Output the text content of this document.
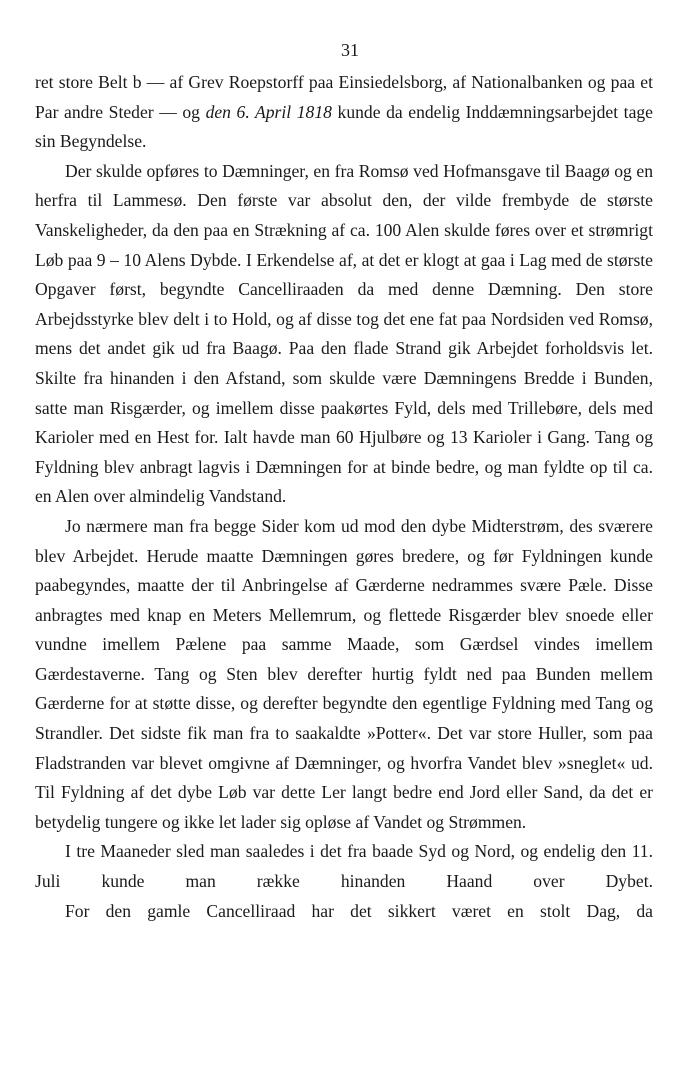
31

ret store Belt b — af Grev Roepstorff paa Einsiedelsborg, af Nationalbanken og paa et Par andre Steder — og den 6. April 1818 kunde da endelig Inddæmningsarbejdet tage sin Begyndelse.

Der skulde opføres to Dæmninger, en fra Romsø ved Hofmansgave til Baagø og en herfra til Lammesø. Den første var absolut den, der vilde frembyde de største Vanskeligheder, da den paa en Strækning af ca. 100 Alen skulde føres over et strømrigt Løb paa 9 – 10 Alens Dybde. I Erkendelse af, at det er klogt at gaa i Lag med de største Opgaver først, begyndte Cancelliraaden da med denne Dæmning. Den store Arbejdsstyrke blev delt i to Hold, og af disse tog det ene fat paa Nordsiden ved Romsø, mens det andet gik ud fra Baagø. Paa den flade Strand gik Arbejdet forholdsvis let. Skilte fra hinanden i den Afstand, som skulde være Dæmningens Bredde i Bunden, satte man Risgærder, og imellem disse paakørtes Fyld, dels med Trillebøre, dels med Karioler med en Hest for. Ialt havde man 60 Hjulbøre og 13 Karioler i Gang. Tang og Fyldning blev anbragt lagvis i Dæmningen for at binde bedre, og man fyldte op til ca. en Alen over almindelig Vandstand.

Jo nærmere man fra begge Sider kom ud mod den dybe Midterstrøm, des sværere blev Arbejdet. Herude maatte Dæmningen gøres bredere, og før Fyldningen kunde paabegyndes, maatte der til Anbringelse af Gærderne nedrammes svære Pæle. Disse anbragtes med knap en Meters Mellemrum, og flettede Risgærder blev snoede eller vundne imellem Pælene paa samme Maade, som Gærdsel vindes imellem Gærdestaverne. Tang og Sten blev derefter hurtig fyldt ned paa Bunden mellem Gærderne for at støtte disse, og derefter begyndte den egentlige Fyldning med Tang og Strandler. Det sidste fik man fra to saakaldte »Potter«. Det var store Huller, som paa Fladstranden var blevet omgivne af Dæmninger, og hvorfra Vandet blev »sneglet« ud. Til Fyldning af det dybe Løb var dette Ler langt bedre end Jord eller Sand, da det er betydelig tungere og ikke let lader sig opløse af Vandet og Strømmen.

I tre Maaneder sled man saaledes i det fra baade Syd og Nord, og endelig den 11. Juli kunde man række hinanden Haand over Dybet.

For den gamle Cancelliraad har det sikkert været en stolt Dag, da
